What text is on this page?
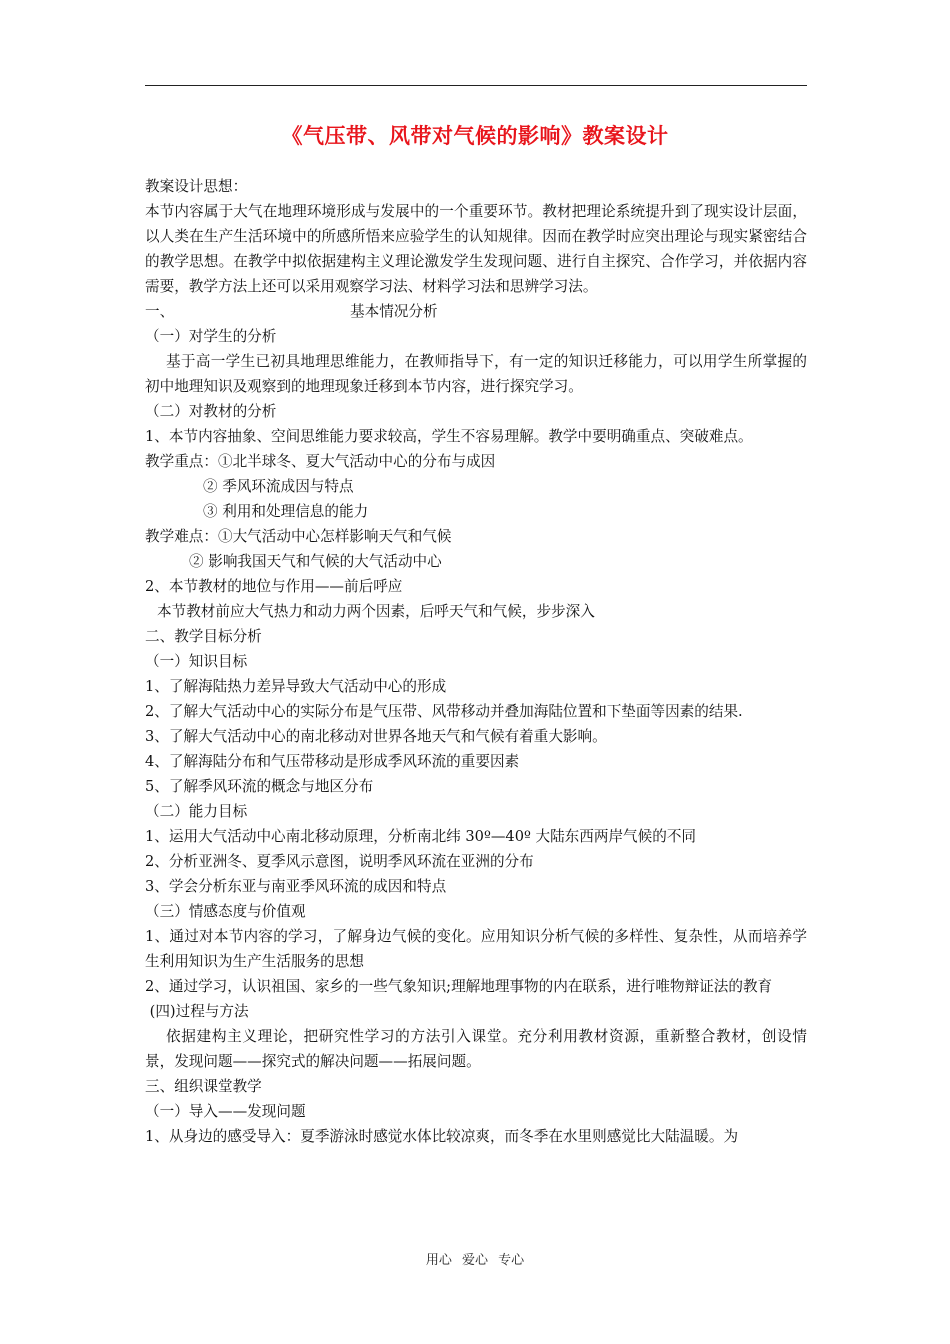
《气压带、风带对气候的影响》教案设计

教案设计思想：

本节内容属于大气在地理环境形成与发展中的一个重要环节。教材把理论系统提升到了现实设计层面，以人类在生产生活环境中的所感所悟来应验学生的认知规律。因而在教学时应突出理论与现实紧密结合的教学思想。在教学中拟依据建构主义理论激发学生发现问题、进行自主探究、合作学习，并依据内容需要，教学方法上还可以采用观察学习法、材料学习法和思辨学习法。

一、	基本情况分析

（一）对学生的分析

基于高一学生已初具地理思维能力，在教师指导下，有一定的知识迁移能力，可以用学生所掌握的初中地理知识及观察到的地理现象迁移到本节内容，进行探究学习。

（二）对教材的分析

1、本节内容抽象、空间思维能力要求较高，学生不容易理解。教学中要明确重点、突破难点。

教学重点：①北半球冬、夏大气活动中心的分布与成因

② 季风环流成因与特点

③ 利用和处理信息的能力

教学难点：①大气活动中心怎样影响天气和气候

② 影响我国天气和气候的大气活动中心

2、本节教材的地位与作用——前后呼应

本节教材前应大气热力和动力两个因素，后呼天气和气候，步步深入

二、教学目标分析

（一）知识目标

1、了解海陆热力差异导致大气活动中心的形成

2、了解大气活动中心的实际分布是气压带、风带移动并叠加海陆位置和下垫面等因素的结果.

3、了解大气活动中心的南北移动对世界各地天气和气候有着重大影响。

4、了解海陆分布和气压带移动是形成季风环流的重要因素

5、了解季风环流的概念与地区分布

（二）能力目标

1、运用大气活动中心南北移动原理，分析南北纬 30º—40º 大陆东西两岸气候的不同

2、分析亚洲冬、夏季风示意图，说明季风环流在亚洲的分布

3、学会分析东亚与南亚季风环流的成因和特点

（三）情感态度与价值观

1、通过对本节内容的学习，了解身边气候的变化。应用知识分析气候的多样性、复杂性，从而培养学生利用知识为生产生活服务的思想

2、通过学习，认识祖国、家乡的一些气象知识;理解地理事物的内在联系，进行唯物辩证法的教育

(四)过程与方法

依据建构主义理论，把研究性学习的方法引入课堂。充分利用教材资源，重新整合教材，创设情景，发现问题——探究式的解决问题——拓展问题。

三、组织课堂教学

（一）导入——发现问题

1、从身边的感受导入：夏季游泳时感觉水体比较凉爽，而冬季在水里则感觉比大陆温暖。为

用心 爱心 专心
